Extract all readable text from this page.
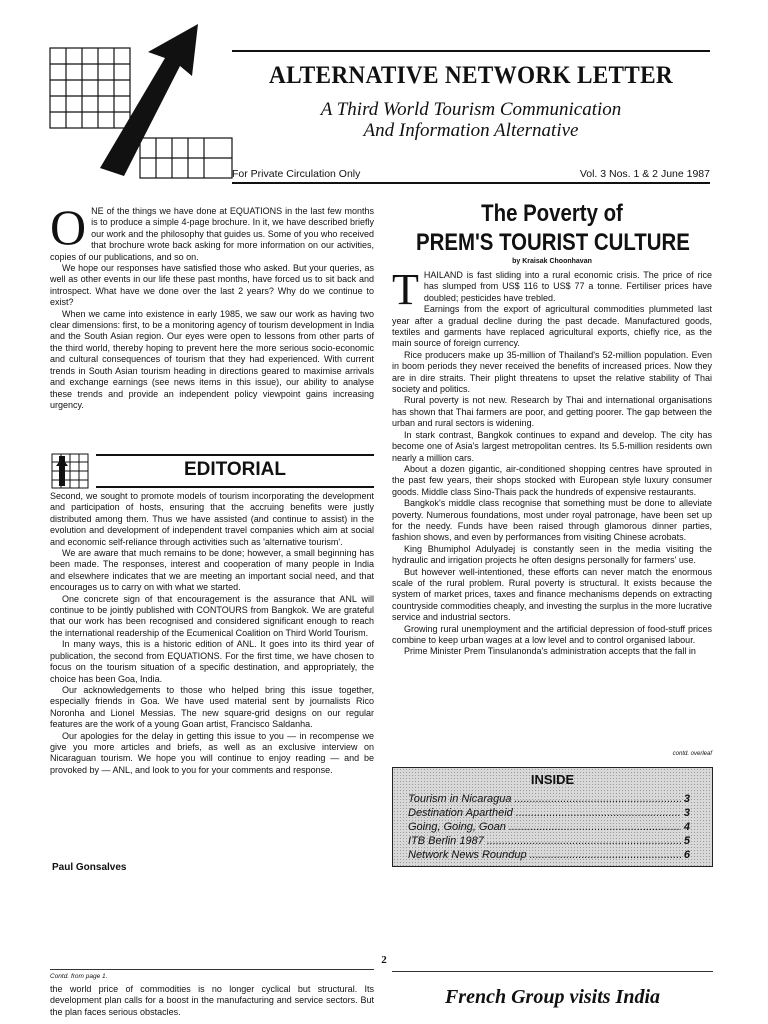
ALTERNATIVE NETWORK LETTER
A Third World Tourism Communication
And Information Alternative
For Private Circulation Only	Vol. 3 Nos. 1 & 2 June 1987

ONE of the things we have done at EQUATIONS in the last few months is to produce a simple 4-page brochure. In it, we have described briefly our work and the philosophy that guides us. Some of you who received that brochure wrote back asking for more information on our activities, copies of our publications, and so on.

We hope our responses have satisfied those who asked. But your queries, as well as other events in our life these past months, have forced us to sit back and introspect. What have we done over the last 2 years? Why do we continue to exist?

When we came into existence in early 1985, we saw our work as having two clear dimensions: first, to be a monitoring agency of tourism development in India and the South Asian region. Our eyes were open to lessons from other parts of the third world, thereby hoping to prevent here the more serious socio-economic and cultural consequences of tourism that they had experienced. With current trends in South Asian tourism heading in directions geared to maximise arrivals and exchange earnings (see news items in this issue), our ability to analyse these trends and provide an independent policy viewpoint gains increasing urgency.

EDITORIAL

Second, we sought to promote models of tourism incorporating the development and participation of hosts, ensuring that the accruing benefits were justly distributed among them. Thus we have assisted (and continue to assist) in the evolution and development of independent travel companies which aim at social and economic self-reliance through activities such as 'alternative tourism'.

We are aware that much remains to be done; however, a small beginning has been made. The responses, interest and cooperation of many people in India and elsewhere indicates that we are meeting an important social need, and that encourages us to carry on with what we started.

One concrete sign of that encouragement is the assurance that ANL will continue to be jointly published with CONTOURS from Bangkok. We are grateful that our work has been recognised and considered significant enough to reach the international readership of the Ecumenical Coalition on Third World Tourism.

In many ways, this is a historic edition of ANL. It goes into its third year of publication, the second from EQUATIONS. For the first time, we have chosen to focus on the tourism situation of a specific destination, and appropriately, the choice has been Goa, India.

Our acknowledgements to those who helped bring this issue together, especially friends in Goa. We have used material sent by journalists Rico Noronha and Lionel Messias. The new square-grid designs on our regular features are the work of a young Goan artist, Francisco Saldanha.

Our apologies for the delay in getting this issue to you — in recompense we give you more articles and briefs, as well as an exclusive interview on Nicaraguan tourism. We hope you will continue to enjoy reading — and be provoked by — ANL, and look to you for your comments and response.

Paul Gonsalves
The Poverty of
PREM'S TOURIST CULTURE
by Kraisak Choonhavan

THAILAND is fast sliding into a rural economic crisis. The price of rice has slumped from US$ 116 to US$ 77 a tonne. Fertiliser prices have doubled; pesticides have trebled.

Earnings from the export of agricultural commodities plummeted last year after a gradual decline during the past decade. Manufactured goods, textiles and garments have replaced agricultural exports, chiefly rice, as the main source of foreign currency.

Rice producers make up 35-million of Thailand's 52-million population. Even in boom periods they never received the benefits of increased prices. Now they are in dire straits. Their plight threatens to upset the relative stability of Thai society and politics.

Rural poverty is not new. Research by Thai and international organisations has shown that Thai farmers are poor, and getting poorer. The gap between the urban and rural sectors is widening.

In stark contrast, Bangkok continues to expand and develop. The city has become one of Asia's largest metropolitan centres. Its 5.5-million residents own nearly a million cars.

About a dozen gigantic, air-conditioned shopping centres have sprouted in the past few years, their shops stocked with European style luxury consumer goods. Middle class Sino-Thais pack the hundreds of expensive restaurants.

Bangkok's middle class recognise that something must be done to alleviate poverty. Numerous foundations, most under royal patronage, have been set up for the needy. Funds have been raised through glamorous dinner parties, fashion shows, and even by performances from visiting Chinese acrobats.

King Bhumiphol Adulyadej is constantly seen in the media visiting the hydraulic and irrigation projects he often designs personally for farmers' use.

But however well-intentioned, these efforts can never match the enormous scale of the rural problem. Rural poverty is structural. It exists because the system of market prices, taxes and finance mechanisms depends on extracting countryside commodities cheaply, and investing the surplus in the more lucrative service and industrial sectors.

Growing rural unemployment and the artificial depression of food-stuff prices combine to keep urban wages at a low level and to control organised labour.

Prime Minister Prem Tinsulanonda's administration accepts that the fall in

contd. overleaf
INSIDE
Tourism in Nicaragua .....	3
Destination Apartheid .....	3
Going, Going, Goan .....	4
ITB Berlin 1987 .....	5
Network News Roundup .....	6
2
Contd. from page 1.

the world price of commodities is no longer cyclical but structural. Its development plan calls for a boost in the manufacturing and service sectors. But the plan faces serious obstacles.

French Group visits India
